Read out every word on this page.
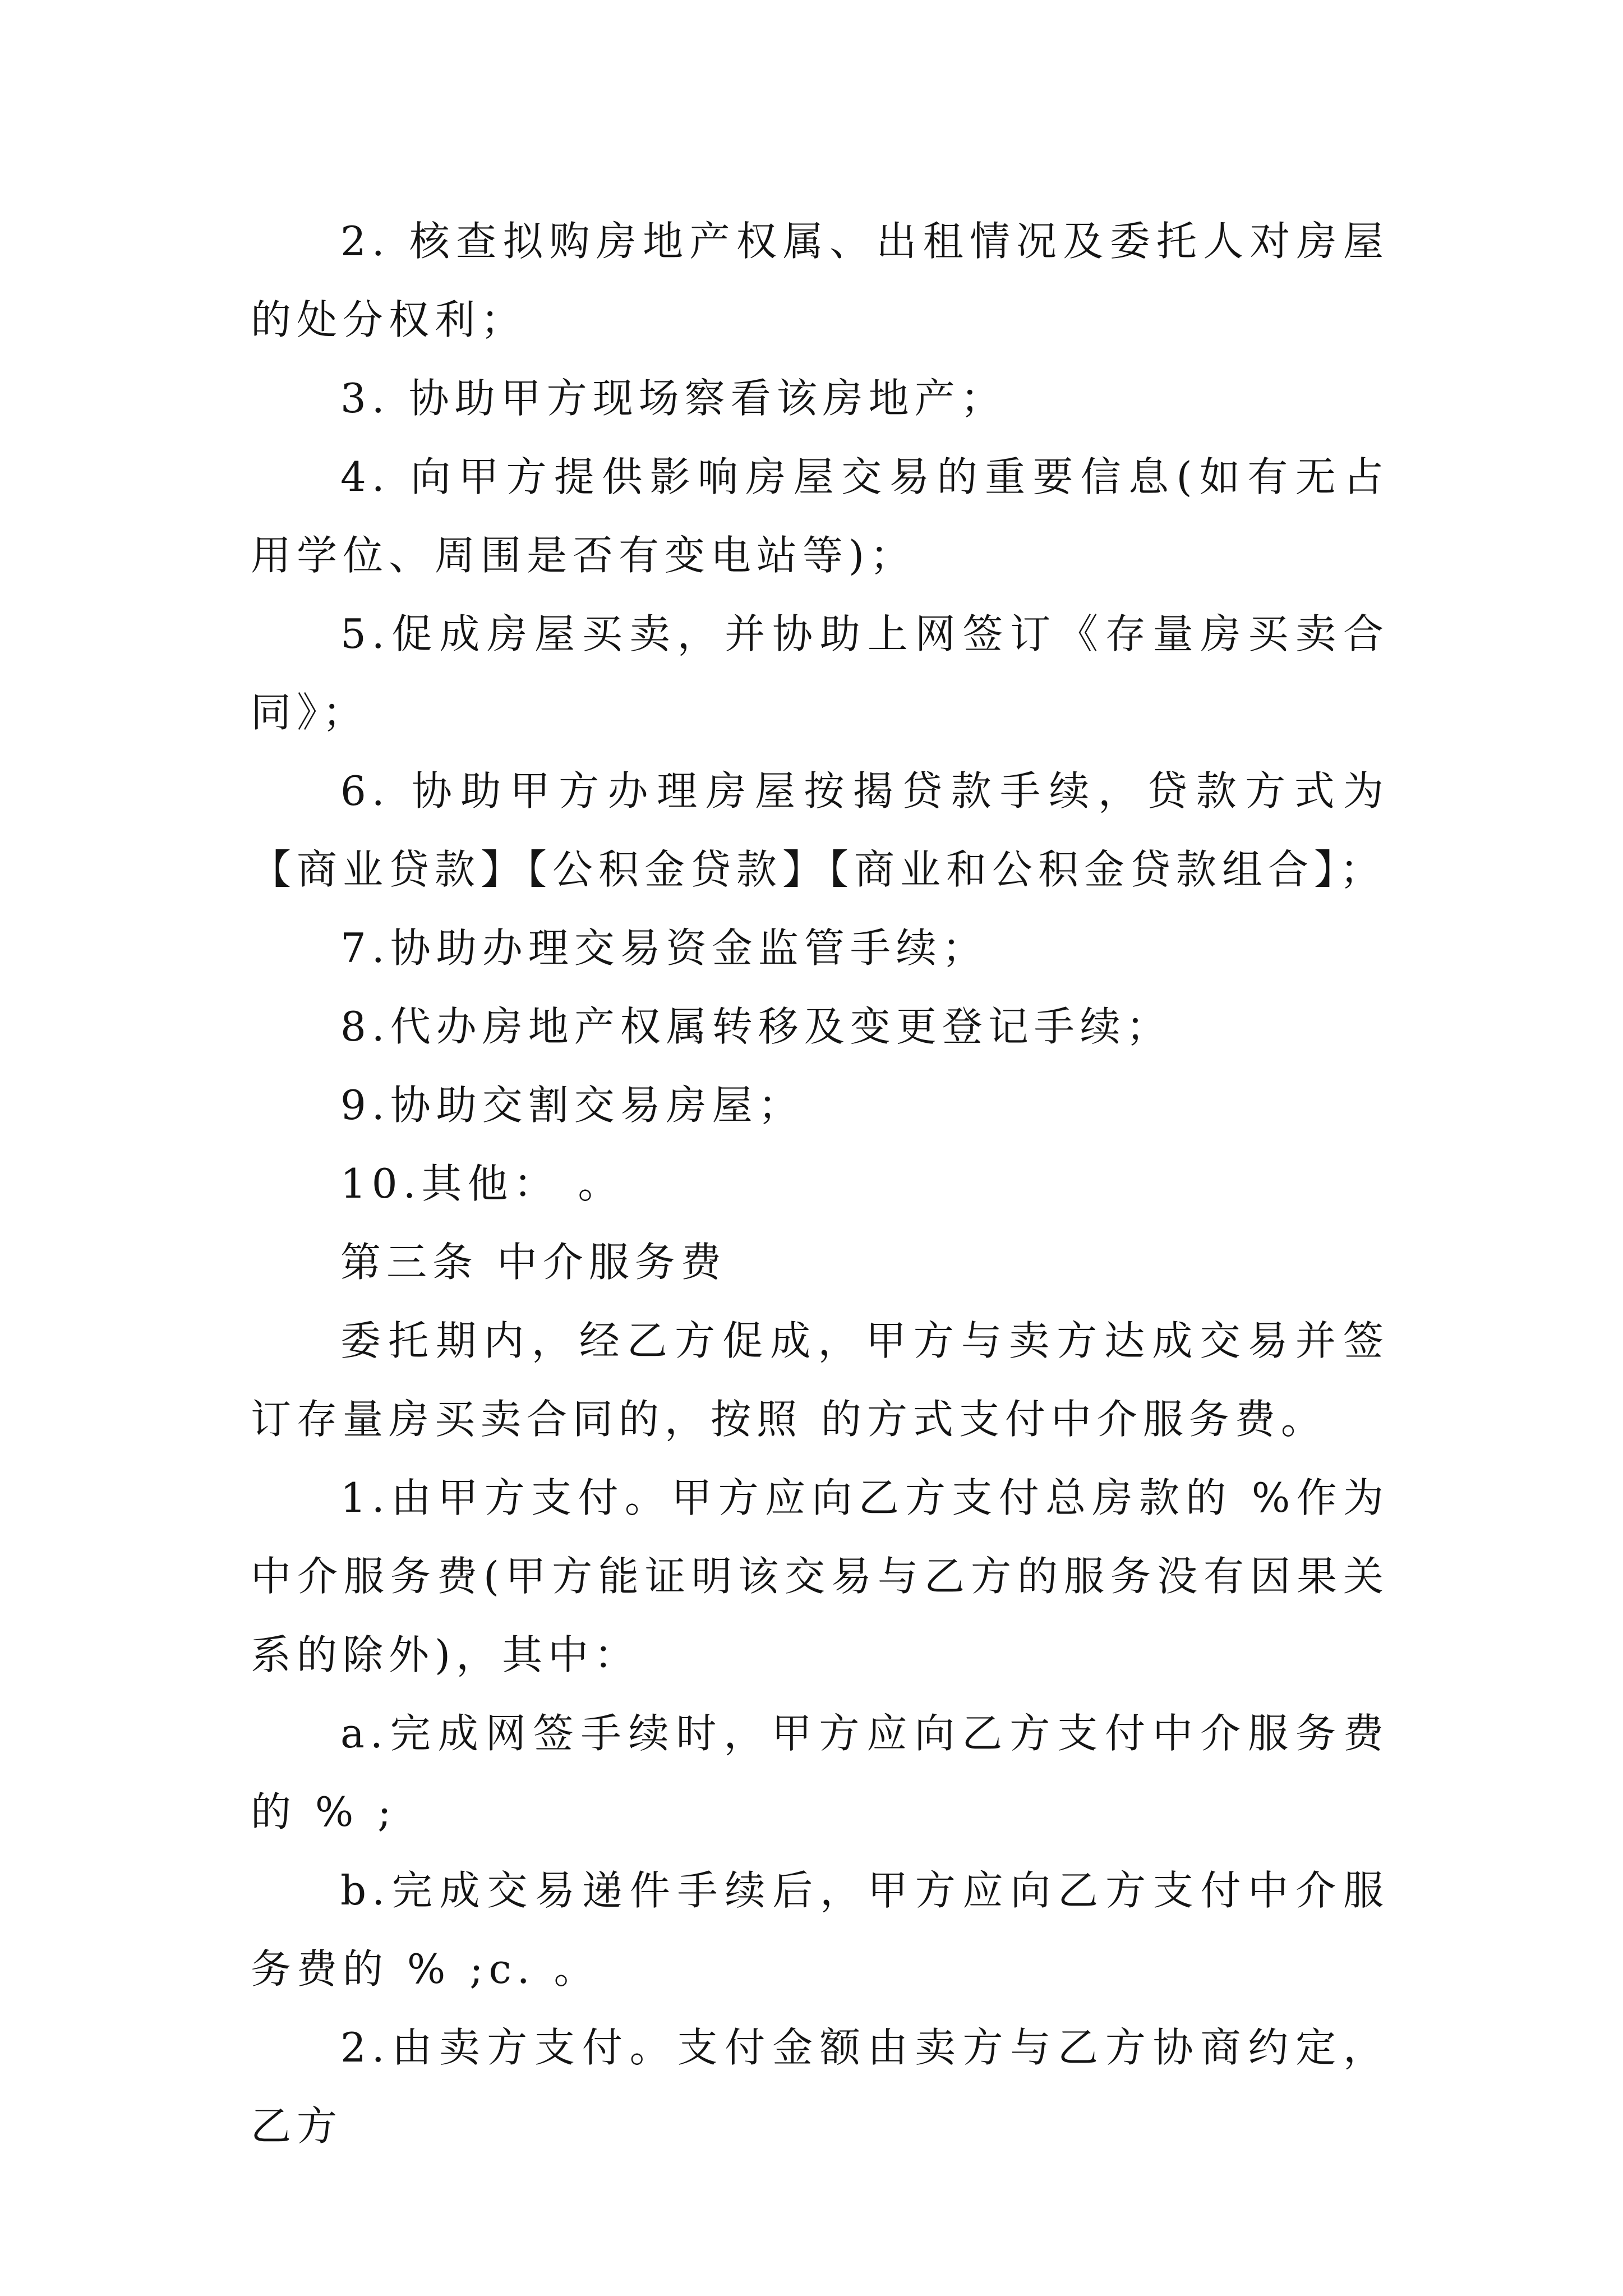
2. 核查拟购房地产权属、出租情况及委托人对房屋的处分权利；

3. 协助甲方现场察看该房地产；

4. 向甲方提供影响房屋交易的重要信息(如有无占用学位、周围是否有变电站等)；

5.促成房屋买卖，并协助上网签订《存量房买卖合同》；

6. 协助甲方办理房屋按揭贷款手续，贷款方式为【商业贷款】【公积金贷款】【商业和公积金贷款组合】；

7.协助办理交易资金监管手续；

8.代办房地产权属转移及变更登记手续；

9.协助交割交易房屋；

10.其他： 。

第三条 中介服务费

委托期内，经乙方促成，甲方与卖方达成交易并签订存量房买卖合同的，按照 的方式支付中介服务费。

1.由甲方支付。甲方应向乙方支付总房款的 %作为中介服务费(甲方能证明该交易与乙方的服务没有因果关系的除外)，其中：

a.完成网签手续时，甲方应向乙方支付中介服务费的 % ;

b.完成交易递件手续后，甲方应向乙方支付中介服务费的 % ;c. 。

2.由卖方支付。支付金额由卖方与乙方协商约定，乙方
